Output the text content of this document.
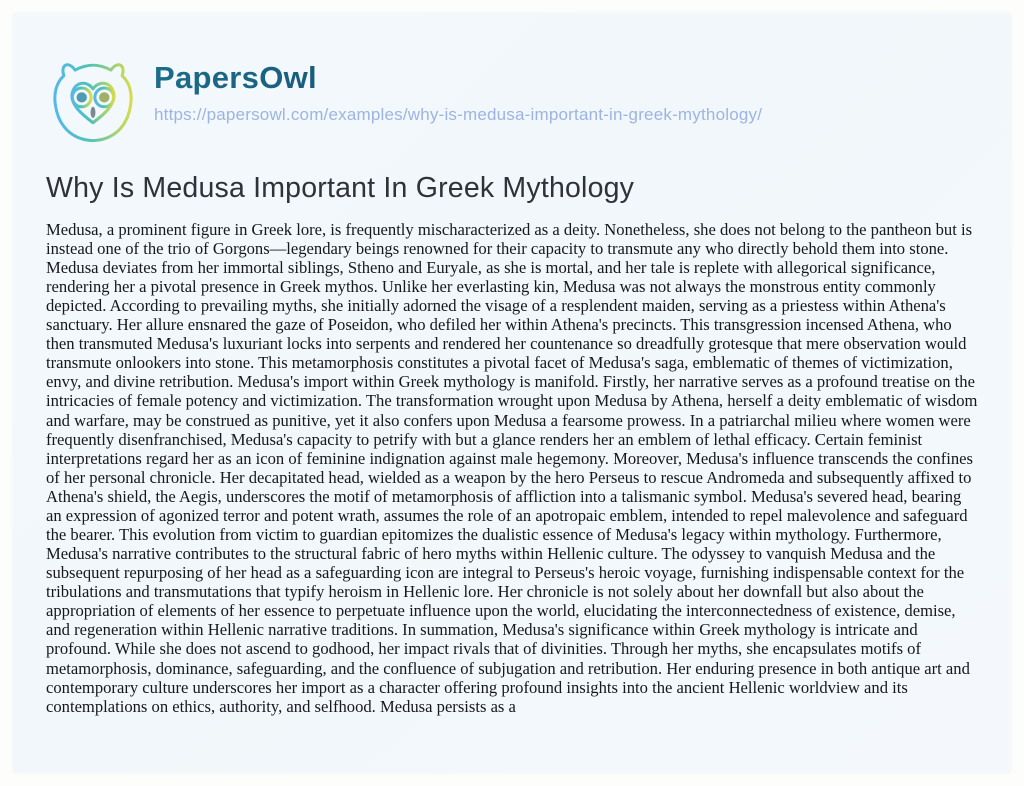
PapersOwl
https://papersowl.com/examples/why-is-medusa-important-in-greek-mythology/
Why Is Medusa Important In Greek Mythology
Medusa, a prominent figure in Greek lore, is frequently mischaracterized as a deity. Nonetheless, she does not belong to the pantheon but is instead one of the trio of Gorgons—legendary beings renowned for their capacity to transmute any who directly behold them into stone. Medusa deviates from her immortal siblings, Stheno and Euryale, as she is mortal, and her tale is replete with allegorical significance, rendering her a pivotal presence in Greek mythos. Unlike her everlasting kin, Medusa was not always the monstrous entity commonly depicted. According to prevailing myths, she initially adorned the visage of a resplendent maiden, serving as a priestess within Athena's sanctuary. Her allure ensnared the gaze of Poseidon, who defiled her within Athena's precincts. This transgression incensed Athena, who then transmuted Medusa's luxuriant locks into serpents and rendered her countenance so dreadfully grotesque that mere observation would transmute onlookers into stone. This metamorphosis constitutes a pivotal facet of Medusa's saga, emblematic of themes of victimization, envy, and divine retribution. Medusa's import within Greek mythology is manifold. Firstly, her narrative serves as a profound treatise on the intricacies of female potency and victimization. The transformation wrought upon Medusa by Athena, herself a deity emblematic of wisdom and warfare, may be construed as punitive, yet it also confers upon Medusa a fearsome prowess. In a patriarchal milieu where women were frequently disenfranchised, Medusa's capacity to petrify with but a glance renders her an emblem of lethal efficacy. Certain feminist interpretations regard her as an icon of feminine indignation against male hegemony. Moreover, Medusa's influence transcends the confines of her personal chronicle. Her decapitated head, wielded as a weapon by the hero Perseus to rescue Andromeda and subsequently affixed to Athena's shield, the Aegis, underscores the motif of metamorphosis of affliction into a talismanic symbol. Medusa's severed head, bearing an expression of agonized terror and potent wrath, assumes the role of an apotropaic emblem, intended to repel malevolence and safeguard the bearer. This evolution from victim to guardian epitomizes the dualistic essence of Medusa's legacy within mythology. Furthermore, Medusa's narrative contributes to the structural fabric of hero myths within Hellenic culture. The odyssey to vanquish Medusa and the subsequent repurposing of her head as a safeguarding icon are integral to Perseus's heroic voyage, furnishing indispensable context for the tribulations and transmutations that typify heroism in Hellenic lore. Her chronicle is not solely about her downfall but also about the appropriation of elements of her essence to perpetuate influence upon the world, elucidating the interconnectedness of existence, demise, and regeneration within Hellenic narrative traditions. In summation, Medusa's significance within Greek mythology is intricate and profound. While she does not ascend to godhood, her impact rivals that of divinities. Through her myths, she encapsulates motifs of metamorphosis, dominance, safeguarding, and the confluence of subjugation and retribution. Her enduring presence in both antique art and contemporary culture underscores her import as a character offering profound insights into the ancient Hellenic worldview and its contemplations on ethics, authority, and selfhood. Medusa persists as a
